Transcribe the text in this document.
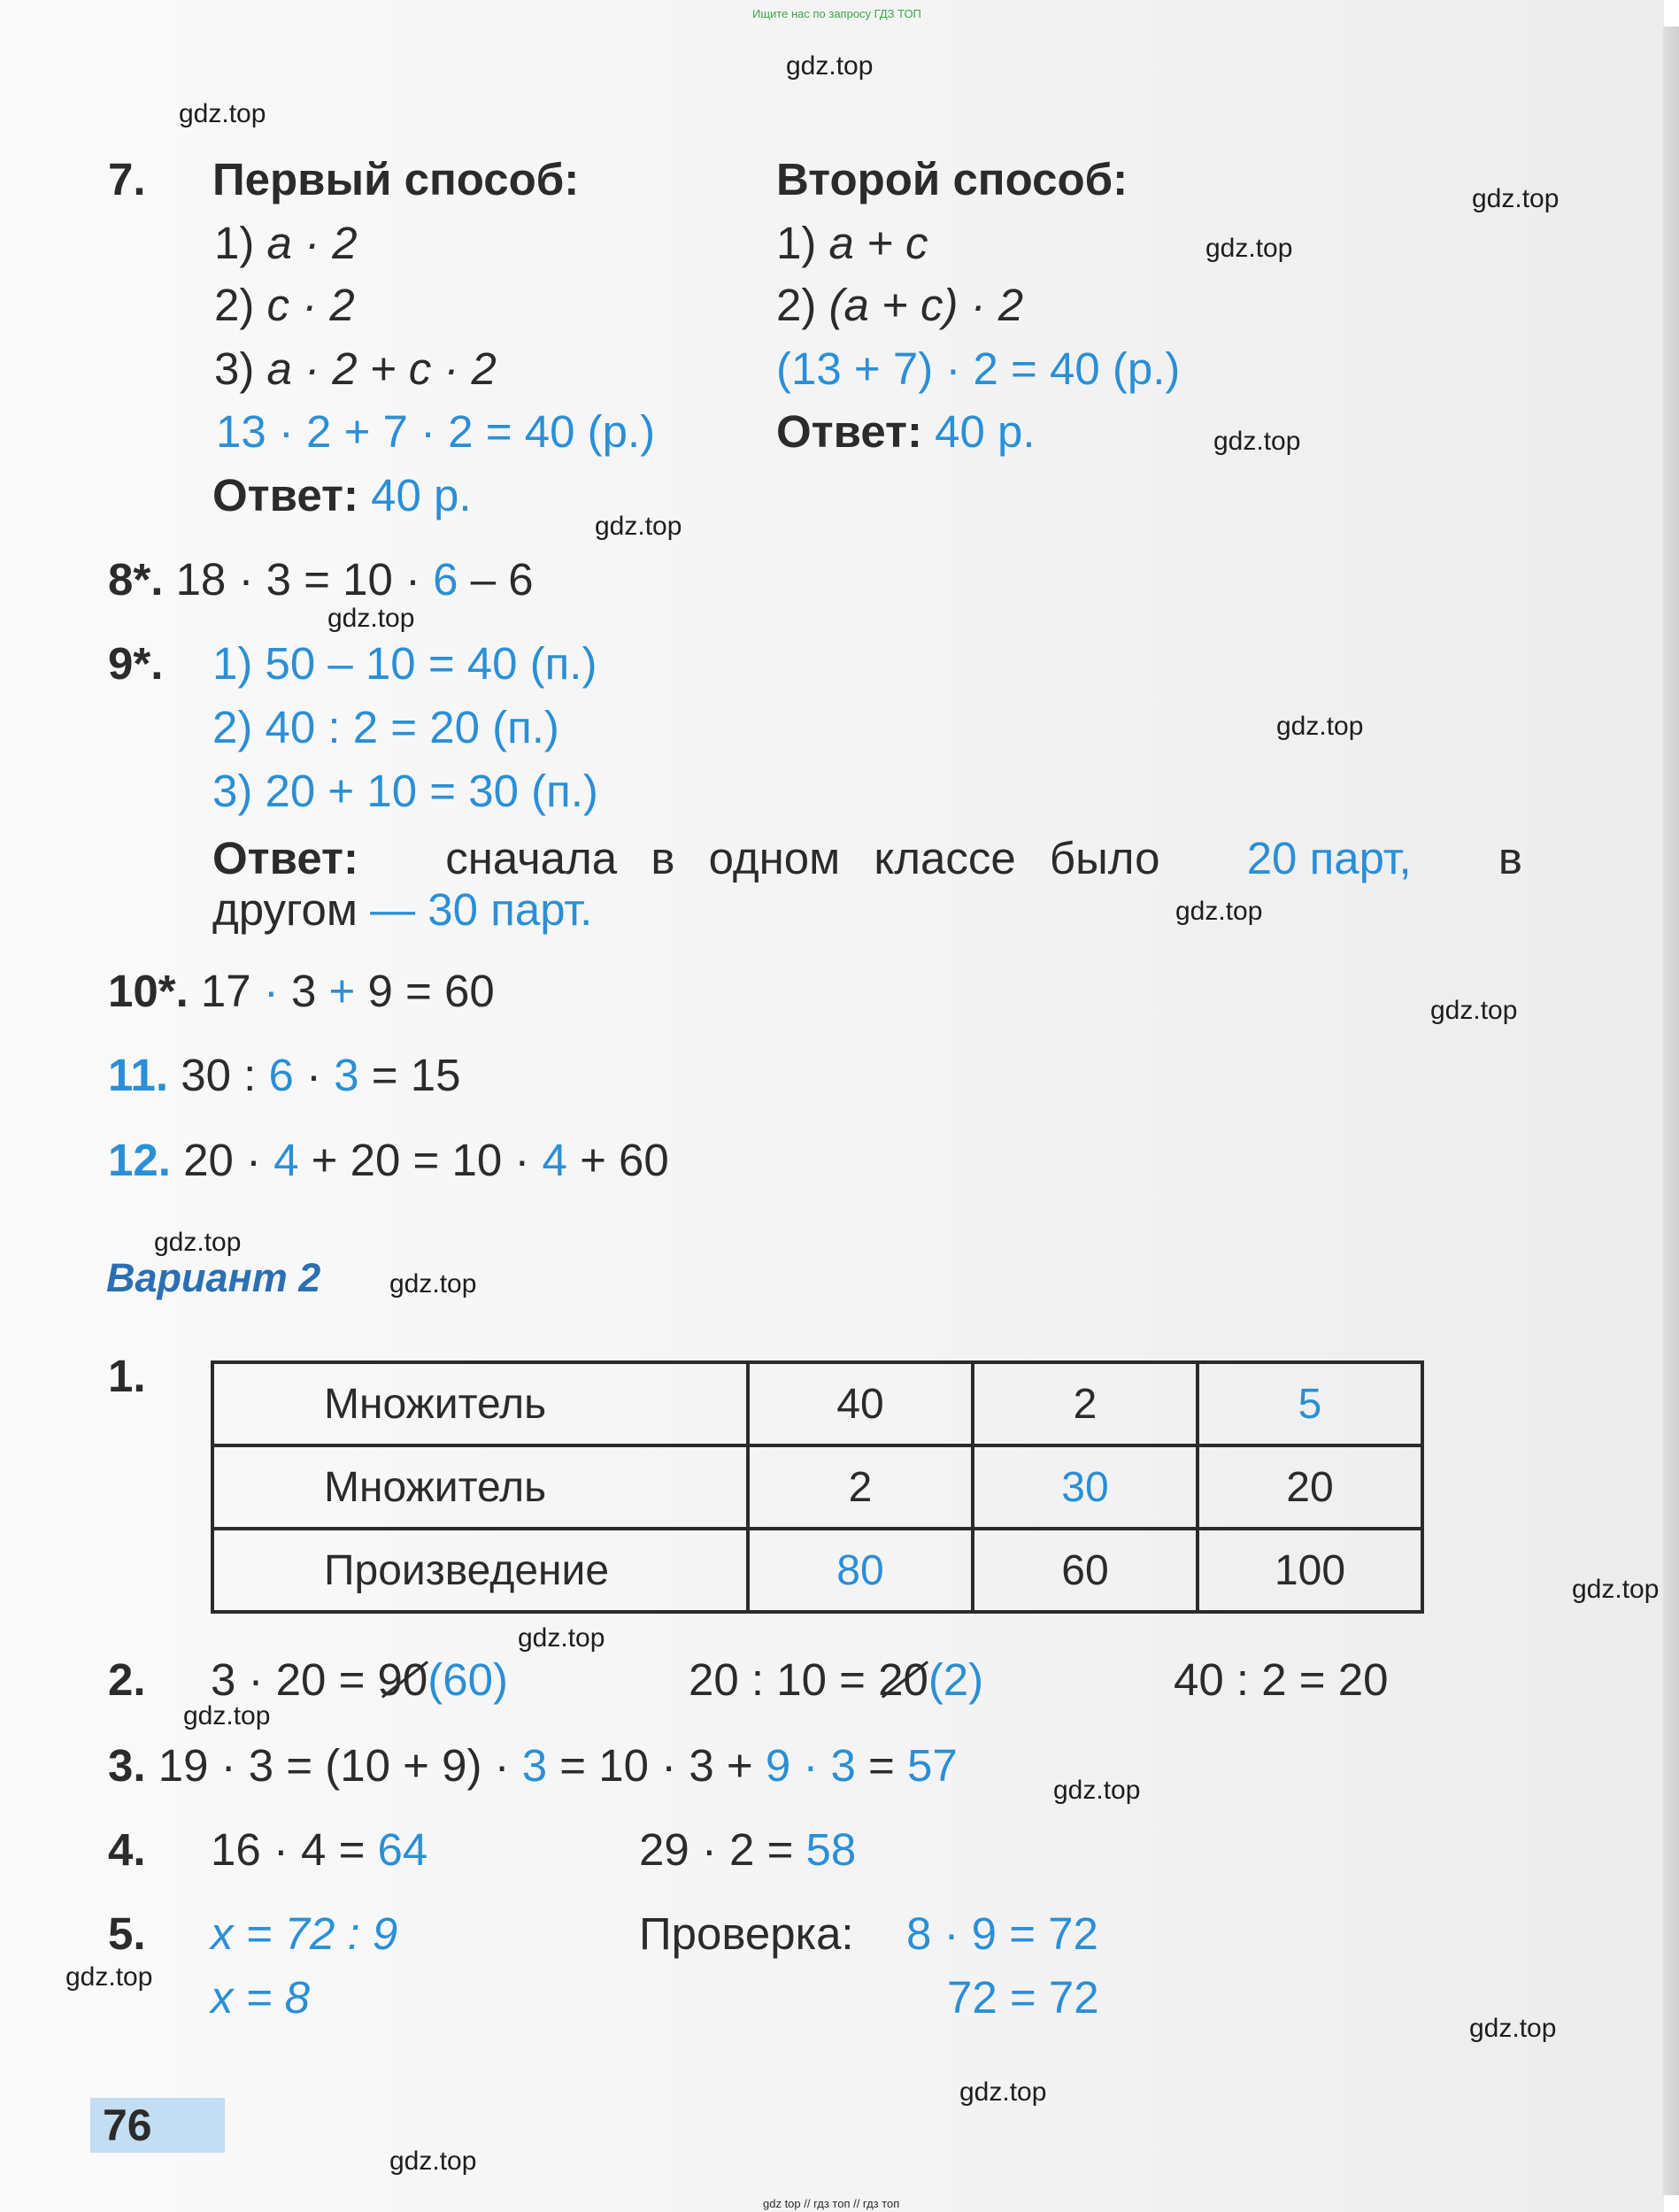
Ищите нас по запросу ГДЗ ТОП
gdz.top
gdz.top
gdz.top
gdz.top
gdz.top
gdz.top
gdz.top
gdz.top
gdz.top
gdz.top
gdz.top
gdz.top
gdz.top
gdz.top
gdz.top
gdz.top
gdz.top
gdz.top
gdz.top
gdz.top
7. Первый способ:	Второй способ:
1) a · 2
2) c · 2
3) a · 2 + c · 2
13 · 2 + 7 · 2 = 40 (р.)
Ответ: 40 р.
1) a + c
2) (a + c) · 2
(13 + 7) · 2 = 40 (р.)
Ответ: 40 р.
8*. 18 · 3 = 10 · 6 – 6
9*. 1) 50 – 10 = 40 (п.)
2) 40 : 2 = 20 (п.)
3) 20 + 10 = 30 (п.)
Ответ: сначала в одном классе было 20 парт, в
другом — 30 парт.
10*. 17 · 3 + 9 = 60
11. 30 : 6 · 3 = 15
12. 20 · 4 + 20 = 10 · 4 + 60
Вариант 2
1.
Множитель	40	2	5
Множитель	2	30	20
Произведение	80	60	100
2. 3 · 20 = 90(60)	20 : 10 = 20(2)	40 : 2 = 20
3. 19 · 3 = (10 + 9) · 3 = 10 · 3 + 9 · 3 = 57
4. 16 · 4 = 64	29 · 2 = 58
5. x = 72 : 9
x = 8
Проверка: 8 · 9 = 72
72 = 72
76
gdz top // гдз топ // гдз топ
